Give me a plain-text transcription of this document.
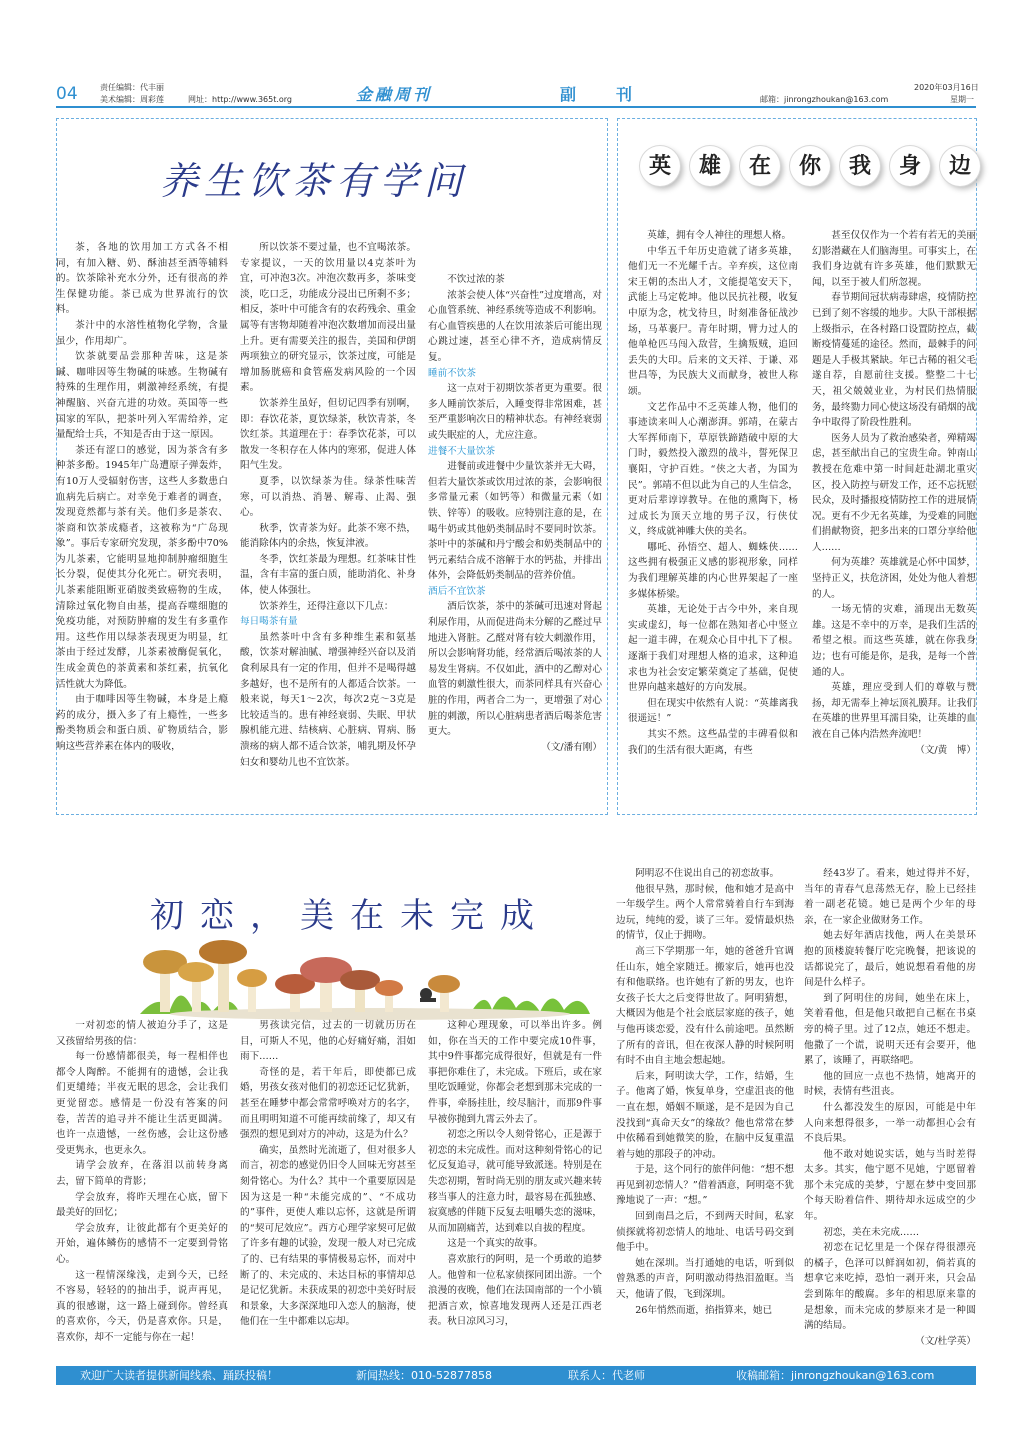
04	责任编辑：代丰丽
美术编辑：周彩莲	网址：http://www.365t.org	金融周刊	副　刊	邮箱：jinrongzhoukan@163.com
2020年03月16日
星期一
养生饮茶有学问

茶，各地的饮用加工方式各不相同，有加入糖、奶、酥油甚至酒等辅料的。饮茶除补充水分外，还有很高的养生保健功能。茶已成为世界流行的饮料。

茶汁中的水溶性植物化学物，含量虽少，作用却广。

饮茶就要品尝那种苦味，这是茶碱、咖啡因等生物碱的味感。生物碱有特殊的生理作用，刺激神经系统，有提神醒脑、兴奋亢进的功效。英国等一些国家的军队，把茶叶列入军需给养，定量配给士兵，不知是否由于这一原因。

茶还有涩口的感觉，因为茶含有多种茶多酚。1945年广岛遭原子弹轰炸，有10万人受辐射伤害，这些人多数患白血病先后病亡。对幸免于难者的调查，发现竟然都与茶有关。他们多是茶农、茶商和饮茶成瘾者，这被称为“广岛现象”。事后专家研究发现，茶多酚中70%为儿茶素，它能明显地抑制肿瘤细胞生长分裂，促使其分化死亡。研究表明，儿茶素能阻断亚硝胺类致癌物的生成，清除过氧化物自由基，提高吞噬细胞的免疫功能，对预防肿瘤的发生有多重作用。这些作用以绿茶表现更为明显，红茶由于经过发酵，儿茶素被酶促氧化，生成金黄色的茶黄素和茶红素，抗氧化活性就大为降低。

由于咖啡因等生物碱，本身是上瘾药的成分，摄入多了有上瘾性，一些多酚类物质会和蛋白质、矿物质结合，影响这些营养素在体内的吸收，

所以饮茶不要过量，也不宜喝浓茶。专家提议，一天的饮用量以4克茶叶为宜，可冲泡3次。冲泡次数再多，茶味变淡，吃口乏，功能成分浸出已所剩不多；相反，茶叶中可能含有的农药残余、重金属等有害物却随着冲泡次数增加而浸出量上升。更有需要关注的报告，美国和伊朗两项独立的研究显示，饮茶过度，可能是增加肠胱癌和食管癌发病风险的一个因素。

饮茶养生虽好，但切记四季有别啊，即：春饮花茶，夏饮绿茶，秋饮青茶，冬饮红茶。其道理在于：春季饮花茶，可以散发一冬积存在人体内的寒邪，促进人体阳气生发。

夏季，以饮绿茶为佳。绿茶性味苦寒，可以消热、消暑、解毒、止渴、强心。

秋季，饮青茶为好。此茶不寒不热，能消除体内的余热，恢复津液。

冬季，饮红茶最为理想。红茶味甘性温，含有丰富的蛋白质，能助消化、补身体，使人体强壮。

饮茶养生，还得注意以下几点：

每日喝茶有量

虽然茶叶中含有多种维生素和氨基酸，饮茶对解油腻、增强神经兴奋以及消食利尿具有一定的作用，但并不是喝得越多越好，也不是所有的人都适合饮茶。一般来说，每天1～2次，每次2克～3克是比较适当的。患有神经衰弱、失眠、甲状腺机能亢进、结核病、心脏病、胃病、肠溃疡的病人都不适合饮茶，哺乳期及怀孕妇女和婴幼儿也不宜饮茶。

不饮过浓的茶

浓茶会使人体“兴奋性”过度增高，对心血管系统、神经系统等造成不利影响。有心血管疾患的人在饮用浓茶后可能出现心跳过速，甚至心律不齐，造成病情反复。

睡前不饮茶

这一点对于初期饮茶者更为重要。很多人睡前饮茶后，入睡变得非常困难，甚至严重影响次日的精神状态。有神经衰弱或失眠症的人，尤应注意。

进餐不大量饮茶

进餐前或进餐中少量饮茶并无大碍，但若大量饮茶或饮用过浓的茶，会影响很多常量元素（如钙等）和微量元素（如铁、锌等）的吸收。应特别注意的是，在喝牛奶或其他奶类制品时不要同时饮茶。茶叶中的茶碱和丹宁酸会和奶类制品中的钙元素结合成不溶解于水的钙盐，并排出体外，会降低奶类制品的营养价值。

酒后不宜饮茶

酒后饮茶，茶中的茶碱可迅速对肾起利尿作用，从而促进尚未分解的乙醛过早地进入肾脏。乙醛对肾有较大刺激作用，所以会影响肾功能，经常酒后喝浓茶的人易发生肾病。不仅如此，酒中的乙醇对心血管的刺激性很大，而茶同样具有兴奋心脏的作用，两者合二为一，更增强了对心脏的刺激，所以心脏病患者酒后喝茶危害更大。

（文/潘有刚）

英 雄 在 你 我 身 边

英雄，拥有令人神往的理想人格。

中华五千年历史造就了诸多英雄，他们无一不光耀千古。辛弃疾，这位南宋王朝的杰出人才，文能提笔安天下，武能上马定乾坤。他以民抗社稷，收复中原为念，枕戈待旦，时刻准备征战沙场，马革裹尸。青年时期，臂力过人的他单枪匹马闯入敌营，生擒叛贼，追回丢失的大印。后来的文天祥、于谦、邓世昌等，为民族大义而献身，被世人称颂。

文艺作品中不乏英雄人物，他们的事迹读来叫人心潮澎湃。郭靖，在蒙古大军挥师南下，草原铁蹄踏破中原的大门时，毅然投入激烈的战斗，誓死保卫襄阳，守护百姓。“侠之大者，为国为民”。郭靖不但以此为自己的人生信念，更对后辈谆谆教导。在他的熏陶下，杨过成长为顶天立地的男子汉，行侠仗义，终成就神雕大侠的美名。

哪吒、孙悟空、超人、蜘蛛侠……这些拥有极强正义感的影视形象，同样为我们理解英雄的内心世界架起了一座多媒体桥梁。

英雄，无论处于古今中外，来自现实或虚幻，每一位都在熟知者心中竖立起一道丰碑，在观众心目中扎下了根。逐渐于我们对理想人格的追求，这种追求也为社会安定繁荣奠定了基础，促使世界向越来越好的方向发展。

但在现实中依然有人说：“英雄离我很遥远！”

其实不然。这些晶莹的丰碑看似和我们的生活有很大距离，有些

甚至仅仅作为一个若有若无的美丽幻影潜藏在人们脑海里。可事实上，在我们身边就有许多英雄，他们默默无闻，以至于被人们所忽视。

春节期间冠状病毒肆虐，疫情防控已到了刻不容缓的地步。大队干部根据上级指示，在各村路口设置防控点，截断疫情蔓延的途径。然而，最棘手的问题是人手极其紧缺。年已古稀的祖父毛遂自荐，自愿前往支援。整整二十七天，祖父兢兢业业，为村民们热情服务，最终勠力同心使这场没有硝烟的战争中取得了阶段性胜利。

医务人员为了救治感染者，殚精竭虑，甚至献出自己的宝贵生命。钟南山教授在危难中第一时间赶赴湖北重灾区，投入防控与研发工作，还不忘抚慰民众，及时播报疫情防控工作的进展情况。更有不少无名英雄，为受难的同胞们捐献物资，把多出来的口罩分享给他人……

何为英雄？英雄就是心怀中国梦，坚持正义，扶危济困，处处为他人着想的人。

一场无情的灾难，涌现出无数英雄。这是不幸中的万幸，是我们生活的希望之根。而这些英雄，就在你我身边；也有可能是你，是我，是每一个普通的人。

英雄，理应受到人们的尊敬与赞扬，却无需奉上神坛顶礼膜拜。让我们在英雄的世界里耳濡目染，让英雄的血液在自己体内浩然奔流吧！

（文/黄　博）

初恋，美在未完成

一对初恋的情人被迫分手了，这是又孩留给男孩的信：

每一份感情都很美，每一程相伴也都令人陶醉。不能拥有的遗憾，会让我们更缱绻；半夜无眠的思念，会让我们更觉留恋。感情是一份没有答案的问卷，苦苦的追寻并不能让生活更圆满。也许一点遗憾，一丝伤感，会让这份感受更隽永，也更永久。

请学会放弃，在落泪以前转身离去，留下简单的背影；

学会放弃，将昨天埋在心底，留下最美好的回忆；

学会放弃，让彼此都有个更美好的开始，遍体鳞伤的感情不一定要到骨铭心。

这一程情深缘浅，走到今天，已经不容易，轻轻的的抽出手，说声再见，真的很感谢，这一路上碰到你。曾经真的喜欢你，今天，仍是喜欢你。只是，喜欢你，却不一定能与你在一起！

男孩读完信，过去的一切就历历在目，可斯人不见，他的心好痛好痛，泪如雨下……

奇怪的是，若干年后，即使都已成婚，男孩女孩对他们的初恋还记忆犹新，甚至在睡梦中都会常常呼唤对方的名字，而且明明知道不可能再续前缘了，却又有强烈的想见到对方的冲动，这是为什么？

确实，虽然时光流逝了，但对很多人而言，初恋的感觉仍旧令人回味无穷甚至刻骨铭心。为什么？其中一个重要原因是因为这是一种“未能完成的”、“不成功的”事件，更使人难以忘怀，这就是所谓的“契可尼效应”。西方心理学家契可尼做了许多有趣的试验，发现一般人对已完成了的、已有结果的事情极易忘怀，而对中断了的、未完成的、未达目标的事情却总是记忆犹新。未获成果的初恋中美好时辰和景象，大多深深地印入恋人的脑海，使他们在一生中都难以忘却。

这种心理现象，可以举出许多。例如，你在当天的工作中要完成10件事，其中9件事都完成得很好，但就是有一件事把你难住了，未完成。下班后，或在家里吃饭睡觉，你都会老想到那未完成的一件事，牵肠挂肚，绞尽脑汁，而那9件事早被你抛到九霄云外去了。

初恋之所以令人刻骨铭心，正是源于初恋的未完成性。而对这种刻骨铭心的记忆反复追寻，就可能导致派迷。特别是在失恋初期，暂时尚无别的朋友或兴趣来转移当事人的注意力时，最容易在孤独感、寂寞感的伴随下反复去咀嚼失恋的滋味，从而加剧痛苦，达到难以自拔的程度。

这是一个真实的故事。

喜欢旅行的阿明，是一个勇敢的追梦人。他曾和一位私家侦探同团出游。一个浪漫的夜晚，他们在法国南部的一个小镇把酒言欢，惊喜地发现两人还是江西老表。秋日凉风习习，

阿明忍不住说出自己的初恋故事。

他很早熟，那时候，他和她才是高中一年级学生。两个人常常骑着自行车到海边玩，纯纯的爱，谈了三年。爱情最炽热的情节，仅止于拥吻。

高三下学期那一年，她的爸爸升官调任山东，她全家随迁。搬家后，她再也没有和他联络。也许她有了新的男友，也许女孩子长大之后变得世故了。阿明猜想，大概因为他是个社会底层家庭的孩子，她与他再谈恋爱，没有什么前途吧。虽然断了所有的音讯，但在夜深人静的时候阿明有时不由自主地会想起她。

后来，阿明读大学，工作，结婚，生子。他离了婚，恢复单身，空虚沮丧的他一直在想，婚姻不顺遂，是不是因为自己没找到“真命天女”的缘故？他也常常在梦中依稀看到她微笑的脸，在脑中反复重温着与她的那段子的冲动。

于是，这个同行的旅伴问他：“想不想再见到初恋情人？”借着酒意，阿明毫不犹豫地说了一声：“想。”

回到南昌之后，不到两天时间，私家侦探就将初恋情人的地址、电话号码交到他手中。

她在深圳。当打通她的电话，听到似曾熟悉的声音，阿明激动得热泪盈眶。当天，他请了假，飞到深圳。

26年悄然而逝，掐指算来，她已

经43岁了。看来，她过得并不好，当年的青春气息荡然无存，脸上已经挂着一副老花镜。她已是两个少年的母亲，在一家企业做财务工作。

她去好年酒店找他，两人在美景环抱的顶楼旋转餐厅吃完晚餐，把该说的话都说完了，最后，她说想看看他的房间是什么样子。

到了阿明住的房间，她坐在床上，笑着看他，但是他只敢把自己框在书桌旁的椅子里。过了12点，她还不想走。他撒了一个谎，说明天还有会要开，他累了，该睡了，再联络吧。

他的回应一点也不热情，她离开的时候，表情有些沮丧。

什么都没发生的原因，可能是中年人向来想得很多，一举一动都担心会有不良后果。

他不敢对她说实话，她与当时差得太多。其实，他宁愿不见她，宁愿留着那个未完成的美梦，宁愿在梦中变回那个每天盼着信件、期待却永远成空的少年。

初恋，美在未完成……

初恋在记忆里是一个保存得很漂亮的橘子，色泽可以鲜润如初，倘若真的想拿它来吃掉，恐怕一剥开来，只会品尝到陈年的酸腐。多年的相思原来靠的是想象，而未完成的梦原来才是一种圆满的结局。

（文/杜学英）

欢迎广大读者提供新闻线索、踊跃投稿！	新闻热线：010-52877858	联系人：代老师	收稿邮箱：jinrongzhoukan@163.com
